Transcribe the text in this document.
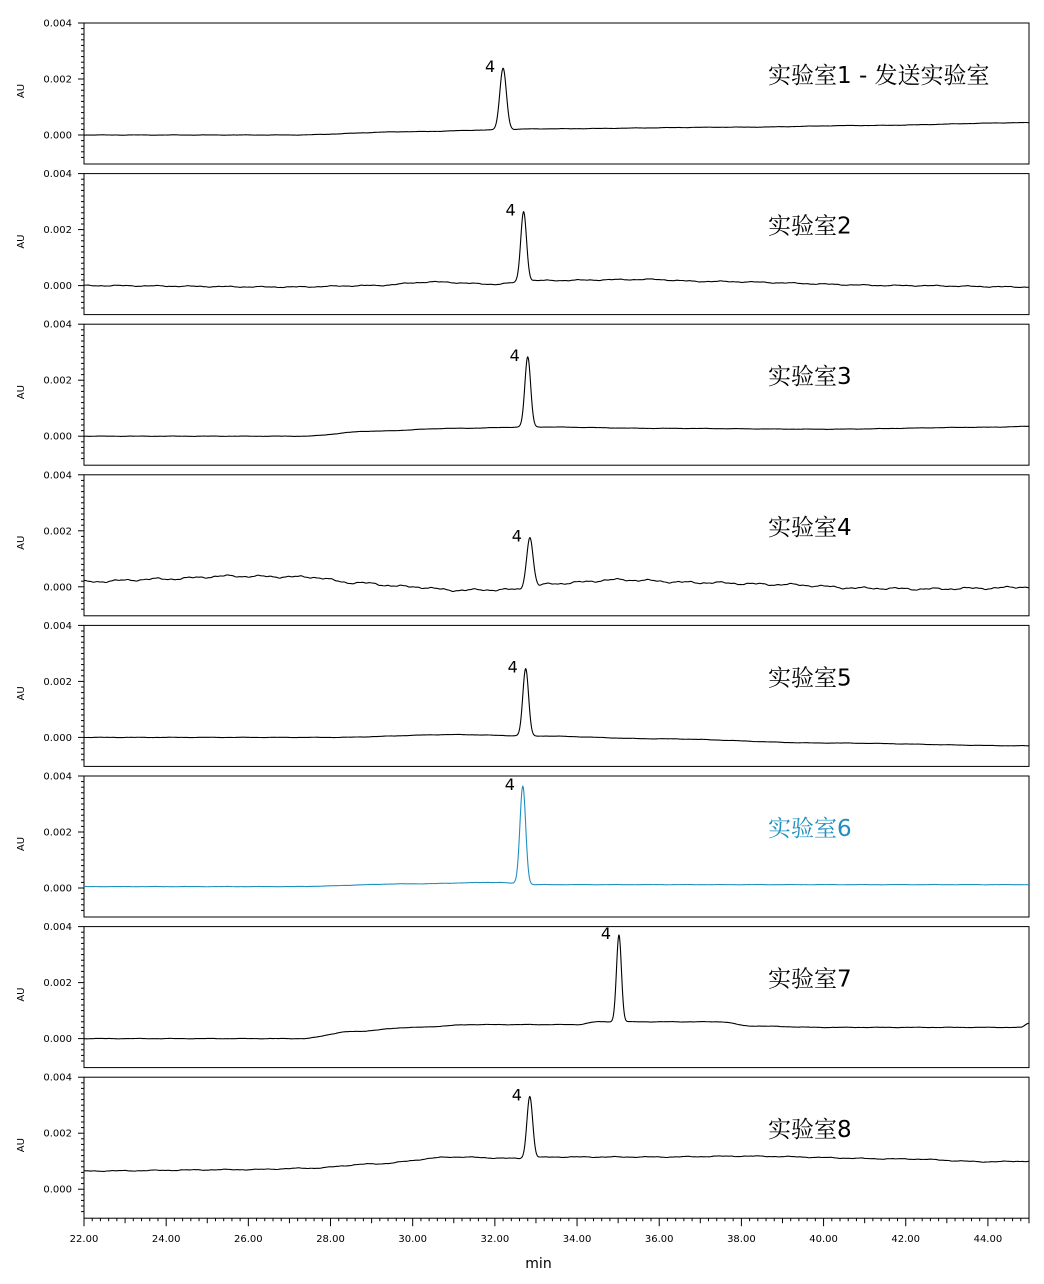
0.004
0.002
0.000
AU
4	实验室1 - 发送实验室
0.004
0.002
0.000
AU
4
实验室2
0.004
0.002
0.000
AU
4
实验室3
0.004
0.002
0.000
AU	4	实验室4
0.004
0.002
0.000
AU
4	实验室5
0.004
0.002
0.000
AU
4
实验室6
0.004
0.002
0.000
AU
4
实验室7
0.004
0.002
0.000
AU
4
实验室8
22.00	24.00	26.00	28.00	30.00	32.00	34.00	36.00	38.00	40.00	42.00	44.00
min
